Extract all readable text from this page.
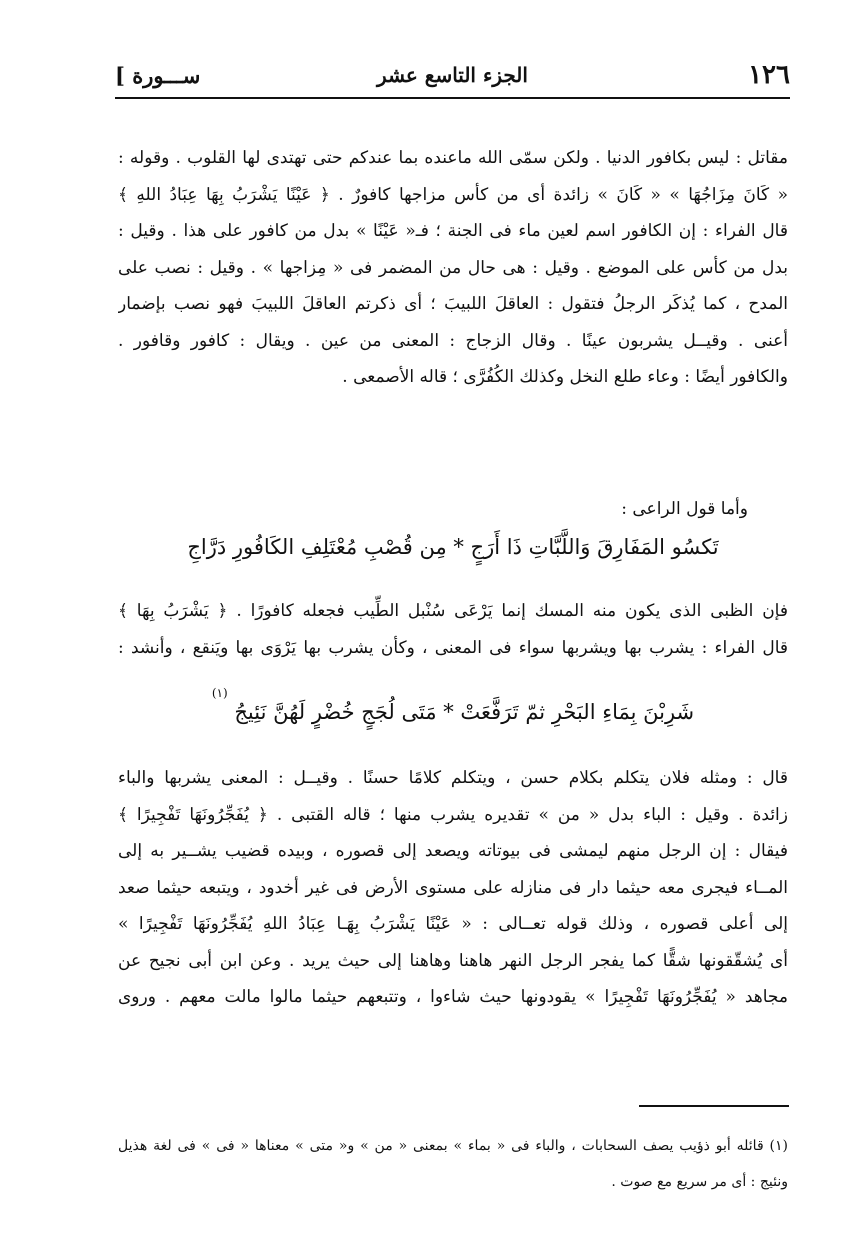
١٢٦
الجزء التاسع عشر
[ ســـورة
مقاتل : ليس بكافور الدنيا . ولكن سمّى الله ماعنده بما عندكم حتى تهتدى لها القلوب . وقوله :
« كَانَ مِزَاجُهَا » « كَانَ » زائدة أى من كأس مزاجها كافورٌ . ﴿ عَيْنًا يَشْرَبُ بِهَا عِبَادُ اللهِ ﴾
قال الفراء : إن الكافور اسم لعين ماء فى الجنة ؛ فـ« عَيْنًا » بدل من كافور على هذا . وقيل :
بدل من كأس على الموضع . وقيل : هى حال من المضمر فى « مِزاجها » . وقيل : نصب على
المدح ، كما يُذكَر الرجلُ فتقول : العاقلَ اللبيبَ ؛ أى ذكرتم العاقلَ اللبيبَ فهو نصب بإضمار
أعنى . وقيــل يشربون عينًا . وقال الزجاج : المعنى من عين . ويقال : كافور وقافور .
والكافور أيضًا : وعاء طلع النخل وكذلك الكُفُرَّى ؛ قاله الأصمعى .
وأما قول الراعى :
تَكسُو المَفَارِقَ وَاللَّبَّاتِ ذَا أَرَجٍ * مِن قُصْبِ مُعْتَلِفِ الكَافُورِ دَرَّاجِ
فإن الظبى الذى يكون منه المسك إنما يَرْعَى سُنْبل الطِّيب فجعله كافورًا . ﴿ يَشْرَبُ بِهَا ﴾
قال الفراء : يشرب بها ويشربها سواء فى المعنى ، وكأن يشرب بها يَرْوَى بها ويَنقع ، وأنشد :
شَرِبْنَ بِمَاءِ البَحْرِ ثمّ تَرَفَّعَتْ * مَتَى لُجَجٍ خُضْرٍ لَهُنَّ نَئِيجُ $^{(١)}$
قال : ومثله فلان يتكلم بكلام حسن ، ويتكلم كلامًا حسنًا . وقيــل : المعنى يشربها والباء
زائدة . وقيل : الباء بدل « من » تقديره يشرب منها ؛ قاله القتبى . ﴿ يُفَجِّرُونَهَا تَفْجِيرًا ﴾
فيقال : إن الرجل منهم ليمشى فى بيوتاته ويصعد إلى قصوره ، وبيده قضيب يشــير به إلى
المــاء فيجرى معه حيثما دار فى منازله على مستوى الأرض فى غير أخدود ، ويتبعه حيثما صعد
إلى أعلى قصوره ، وذلك قوله تعــالى : « عَيْنًا يَشْرَبُ بِهَـا عِبَادُ اللهِ يُفَجِّرُونَهَا تَفْجِيرًا »
أى يُشقّقونها شقًّا كما يفجر الرجل النهر هاهنا وهاهنا إلى حيث يريد . وعن ابن أبى نجيح عن
مجاهد « يُفَجِّرُونَهَا تَفْجِيرًا » يقودونها حيث شاءوا ، وتتبعهم حيثما مالوا مالت معهم . وروى
(١) قائله أبو ذؤيب يصف السحابات ، والباء فى « بماء » بمعنى « من » و« متى » معناها « فى » فى لغة هذيل
ونئيج : أى مر سريع مع صوت .
